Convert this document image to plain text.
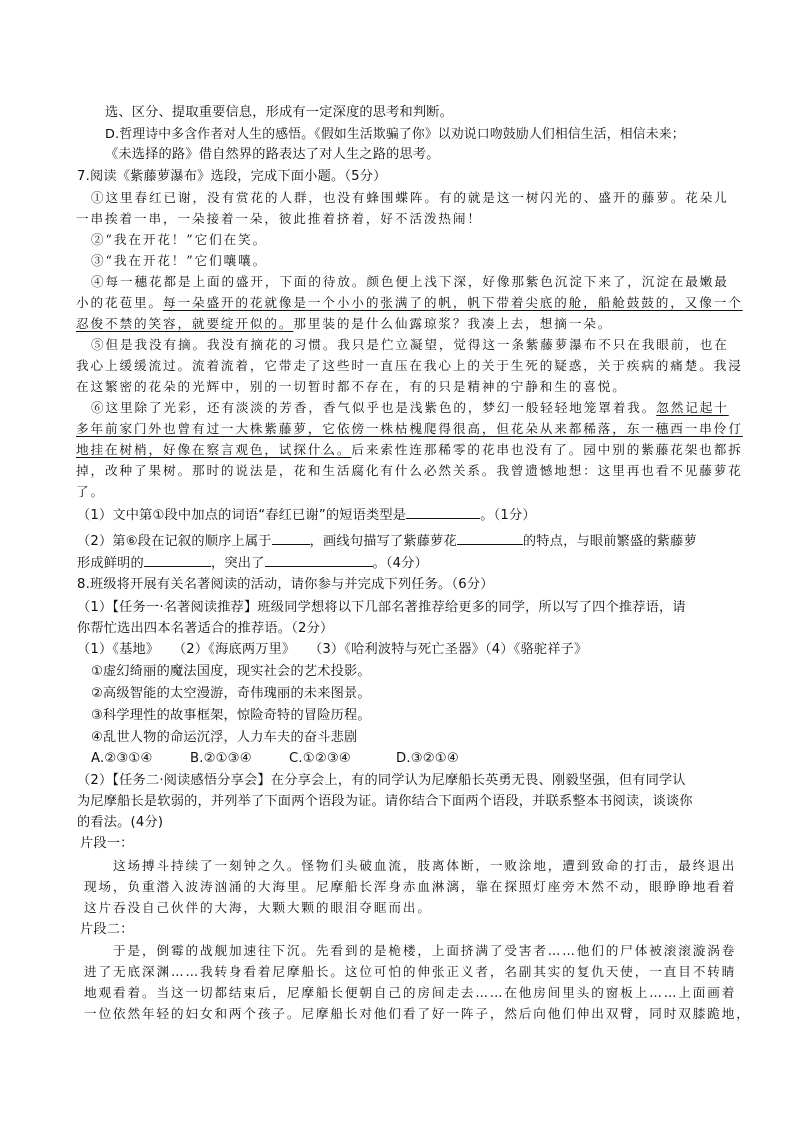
选、区分、提取重要信息，形成有一定深度的思考和判断。
D.哲理诗中多含作者对人生的感悟。《假如生活欺骗了你》以劝说口吻鼓励人们相信生活，相信未来；
《未选择的路》借自然界的路表达了对人生之路的思考。
7.阅读《紫藤萝瀑布》选段，完成下面小题。（5分）
①这里春红已谢，没有赏花的人群，也没有蜂围蝶阵。有的就是这一树闪光的、盛开的藤萝。花朵儿
一串挨着一串，一朵接着一朵，彼此推着挤着，好不活泼热闹！
②“我在开花！”它们在笑。
③“我在开花！”它们嚷嚷。
④每一穗花都是上面的盛开，下面的待放。颜色便上浅下深，好像那紫色沉淀下来了，沉淀在最嫩最
小的花苞里。每一朵盛开的花就像是一个小小的张满了的帆，帆下带着尖底的舱，船舱鼓鼓的，又像一个
忍俊不禁的笑容，就要绽开似的。那里装的是什么仙露琼浆？我凑上去，想摘一朵。
⑤但是我没有摘。我没有摘花的习惯。我只是伫立凝望，觉得这一条紫藤萝瀑布不只在我眼前，也在
我心上缓缓流过。流着流着，它带走了这些时一直压在我心上的关于生死的疑惑，关于疾病的痛楚。我浸
在这繁密的花朵的光辉中，别的一切暂时都不存在，有的只是精神的宁静和生的喜悦。
⑥这里除了光彩，还有淡淡的芳香，香气似乎也是浅紫色的，梦幻一般轻轻地笼罩着我。忽然记起十
多年前家门外也曾有过一大株紫藤萝，它依傍一株枯槐爬得很高，但花朵从来都稀落，东一穗西一串伶仃
地挂在树梢，好像在察言观色，试探什么。后来索性连那稀零的花串也没有了。园中别的紫藤花架也都拆
掉，改种了果树。那时的说法是，花和生活腐化有什么必然关系。我曾遗憾地想：这里再也看不见藤萝花
了。
（1）文中第①段中加点的词语“春红已谢”的短语类型是	。（1分）
（2）第⑥段在记叙的顺序上属于	，画线句描写了紫藤萝花	的特点，与眼前繁盛的紫藤萝
形成鲜明的	，突出了	。（4分）
8.班级将开展有关名著阅读的活动，请你参与并完成下列任务。（6分）
（1）【任务一·名著阅读推荐】班级同学想将以下几部名著推荐给更多的同学，所以写了四个推荐语，请
你帮忙选出四本名著适合的推荐语。（2分）
（1）《基地》　　（2）《海底两万里》　　（3）《哈利波特与死亡圣器》（4）《骆驼祥子》
①虚幻绮丽的魔法国度，现实社会的艺术投影。
②高级智能的太空漫游，奇伟瑰丽的未来图景。
③科学理性的故事框架，惊险奇特的冒险历程。
④乱世人物的命运沉浮，人力车夫的奋斗悲剧
A.②③①④	B.②①③④	C.①②③④	D.③②①④
（2）【任务二·阅读感悟分享会】在分享会上，有的同学认为尼摩船长英勇无畏、刚毅坚强，但有同学认
为尼摩船长是软弱的，并列举了下面两个语段为证。请你结合下面两个语段，并联系整本书阅读，谈谈你
的看法。(4分)
片段一：
这场搏斗持续了一刻钟之久。怪物们头破血流，肢离体断，一败涂地，遭到致命的打击，最终退出
现场，负重潜入波涛汹涌的大海里。尼摩船长浑身赤血淋漓，靠在探照灯座旁木然不动，眼睁睁地看着
这片吞没自己伙伴的大海，大颗大颗的眼泪夺眶而出。
片段二：
于是，倒霉的战舰加速往下沉。先看到的是桅楼，上面挤满了受害者……他们的尸体被滚滚漩涡卷
进了无底深渊……我转身看着尼摩船长。这位可怕的伸张正义者，名副其实的复仇天使，一直目不转睛
地观看着。当这一切都结束后，尼摩船长便朝自己的房间走去……在他房间里头的窗板上……上面画着
一位依然年轻的妇女和两个孩子。尼摩船长对他们看了好一阵子，然后向他们伸出双臂，同时双膝跪地，
